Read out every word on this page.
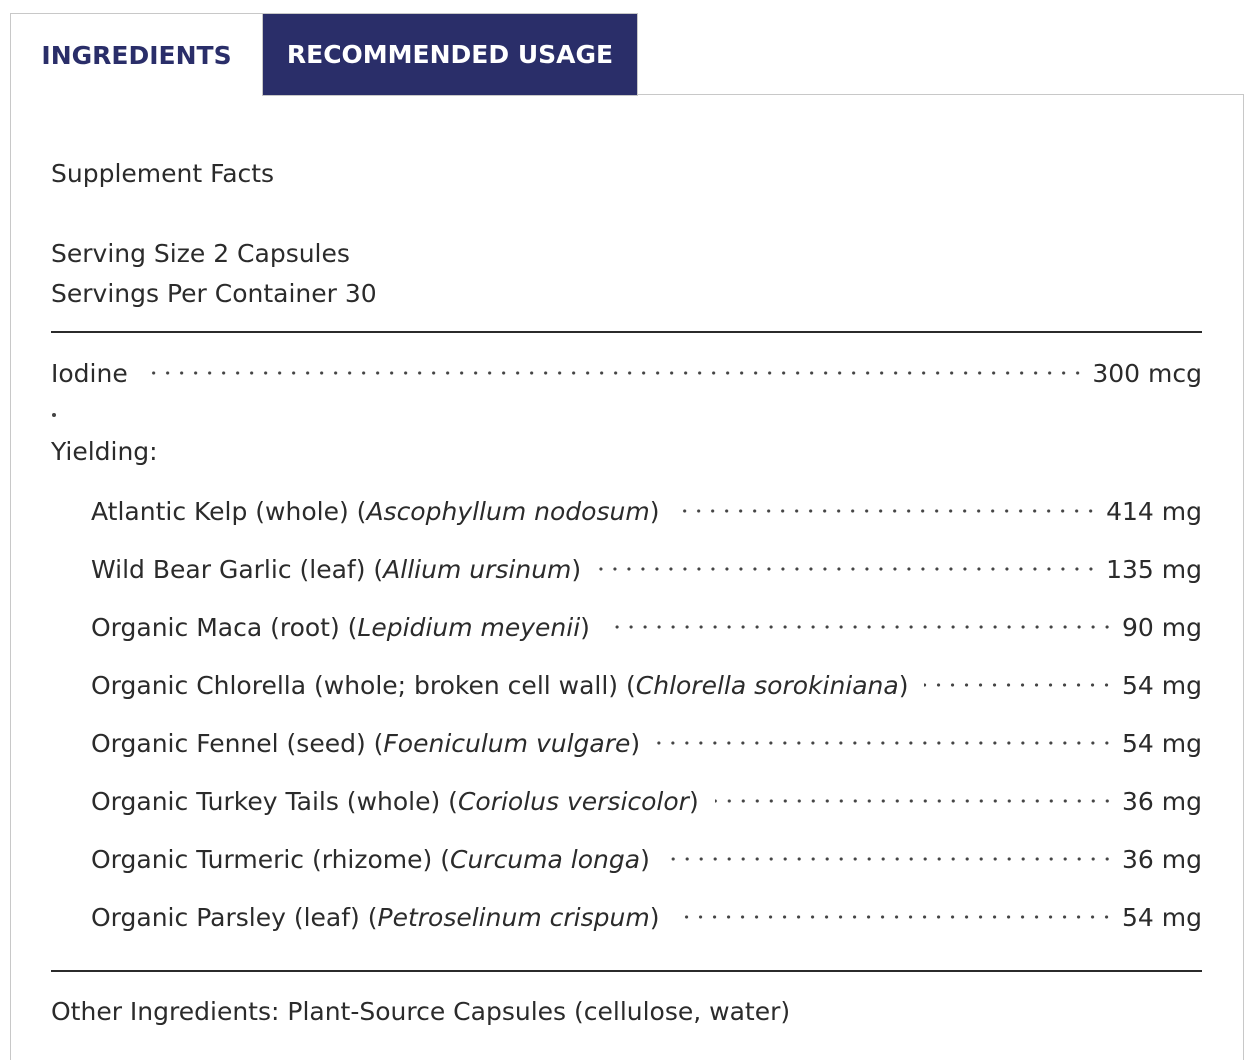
INGREDIENTS	RECOMMENDED USAGE
Supplement Facts
Serving Size 2 Capsules
Servings Per Container 30
Iodine	300 mcg
Yielding:
Atlantic Kelp (whole) (Ascophyllum nodosum)	414 mg
Wild Bear Garlic (leaf) (Allium ursinum)	135 mg
Organic Maca (root) (Lepidium meyenii)	90 mg
Organic Chlorella (whole; broken cell wall) (Chlorella sorokiniana)	54 mg
Organic Fennel (seed) (Foeniculum vulgare)	54 mg
Organic Turkey Tails (whole) (Coriolus versicolor)	36 mg
Organic Turmeric (rhizome) (Curcuma longa)	36 mg
Organic Parsley (leaf) (Petroselinum crispum)	54 mg
Other Ingredients: Plant-Source Capsules (cellulose, water)
